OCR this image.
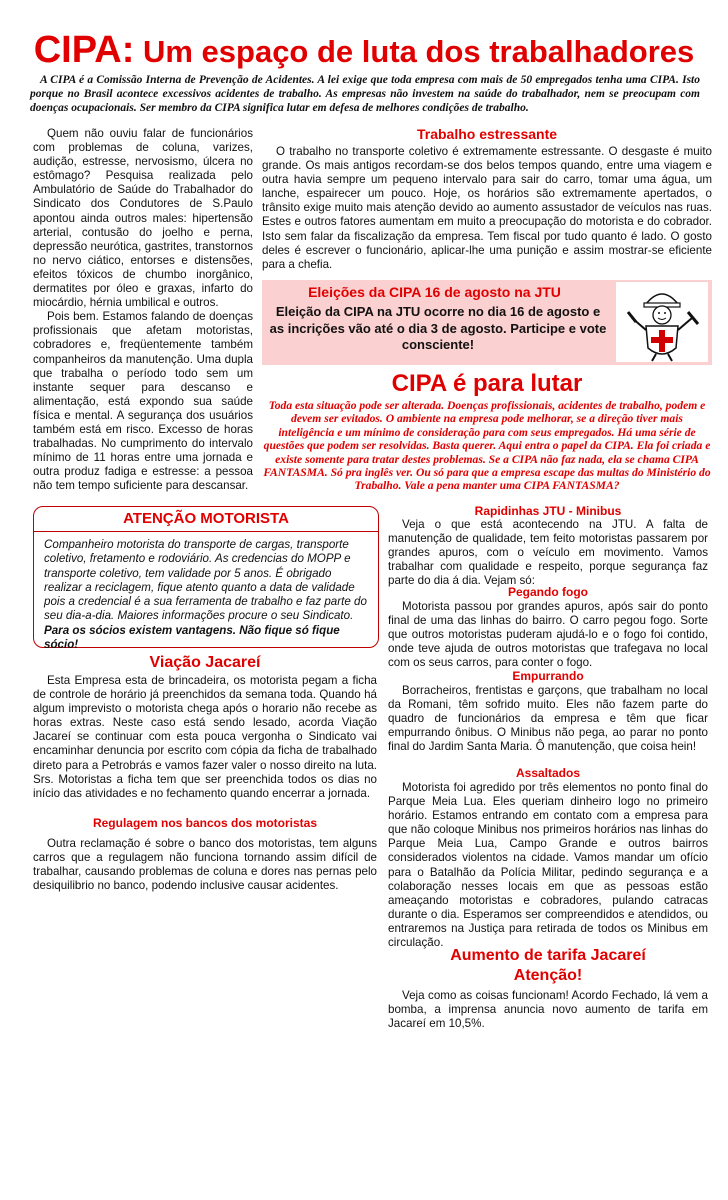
CIPA: Um espaço de luta dos trabalhadores
A CIPA é a Comissão Interna de Prevenção de Acidentes. A lei exige que toda empresa com mais de 50 empregados tenha uma CIPA. Isto porque no Brasil acontece excessivos acidentes de trabalho. As empresas não investem na saúde do trabalhador, nem se preocupam com doenças ocupacionais. Ser membro da CIPA significa lutar em defesa de melhores condições de trabalho.

Quem não ouviu falar de funcionários com problemas de coluna, varizes, audição, estresse, nervosismo, úlcera no estômago? Pesquisa realizada pelo Ambulatório de Saúde do Trabalhador do Sindicato dos Condutores de S.Paulo apontou ainda outros males: hipertensão arterial, contusão do joelho e perna, depressão neurótica, gastrites, transtornos no nervo ciático, entorses e distensões, efeitos tóxicos de chumbo inorgânico, dermatites por óleo e graxas, infarto do miocárdio, hérnia umbilical e outros.

Pois bem. Estamos falando de doenças profissionais que afetam motoristas, cobradores e, freqüentemente também companheiros da manutenção. Uma dupla que trabalha o período todo sem um instante sequer para descanso e alimentação, está expondo sua saúde física e mental. A segurança dos usuários também está em risco. Excesso de horas trabalhadas. No cumprimento do intervalo mínimo de 11 horas entre uma jornada e outra produz fadiga e estresse: a pessoa não tem tempo suficiente para descansar.

Trabalho estressante

O trabalho no transporte coletivo é extremamente estressante. O desgaste é muito grande. Os mais antigos recordam-se dos belos tempos quando, entre uma viagem e outra havia sempre um pequeno intervalo para sair do carro, tomar uma água, um lanche, espairecer um pouco. Hoje, os horários são extremamente apertados, o trânsito exige muito mais atenção devido ao aumento assustador de veículos nas ruas. Estes e outros fatores aumentam em muito a preocupação do motorista e do cobrador. Isto sem falar da fiscalização da empresa. Tem fiscal por tudo quanto é lado. O gosto deles é escrever o funcionário, aplicar-lhe uma punição e assim mostrar-se eficiente para a chefia.

Eleições da CIPA 16 de agosto na JTU
Eleição da CIPA na JTU ocorre no dia 16 de agosto e as incrições vão até o dia 3 de agosto. Participe e vote consciente!
CIPA é para lutar
Toda esta situação pode ser alterada. Doenças profissionais, acidentes de trabalho, podem e devem ser evitados. O ambiente na empresa pode melhorar, se a direção tiver mais inteligência e um mínimo de consideração para com seus empregados. Há uma série de questões que podem ser resolvidas. Basta querer. Aqui entra o papel da CIPA. Ela foi criada e existe somente para tratar destes problemas. Se a CIPA não faz nada, ela se chama CIPA FANTASMA. Só pra inglês ver. Ou só para que a empresa escape das multas do Ministério do Trabalho. Vale a pena manter uma CIPA FANTASMA?
ATENÇÃO MOTORISTA
Companheiro motorista do transporte de cargas, transporte coletivo, fretamento e rodoviário. As credencias do MOPP e transporte coletivo, tem validade por 5 anos. É obrigado realizar a reciclagem, fique atento quanto a data de validade pois a credencial é a sua ferramenta de trabalho e faz parte do seu dia-a-dia. Maiores informações procure o seu Sindicato.
Para os sócios existem vantagens. Não fique só fique sócio!
Viação Jacareí

Esta Empresa esta de brincadeira, os motorista pegam a ficha de controle de horário já preenchidos da semana toda. Quando há algum imprevisto o motorista chega após o horario não recebe as horas extras. Neste caso está sendo lesado, acorda Viação Jacareí se continuar com esta pouca vergonha o Sindicato vai encaminhar denuncia por escrito com cópia da ficha de trabalhado direto para a Petrobrás e vamos fazer valer o nosso direito na luta. Srs. Motoristas a ficha tem que ser preenchida todos os dias no início das atividades e no fechamento quando encerrar a jornada.

Regulagem nos bancos dos motoristas

Outra reclamação é sobre o banco dos motoristas, tem alguns carros que a regulagem não funciona tornando assim difícil de trabalhar, causando problemas de coluna e dores nas pernas pelo desiquilibrio no banco, podendo inclusive causar acidentes.

Rapidinhas JTU - Minibus

Veja o que está acontecendo na JTU. A falta de manutenção de qualidade, tem feito motoristas passarem por grandes apuros, com o veículo em movimento. Vamos trabalhar com qualidade e respeito, porque segurança faz parte do dia á dia. Vejam só:

Pegando fogo

Motorista passou por grandes apuros, após sair do ponto final de uma das linhas do bairro. O carro pegou fogo. Sorte que outros motoristas puderam ajudá-lo e o fogo foi contido, onde teve ajuda de outros motoristas que trafegava no local com os seus carros, para conter o fogo.

Empurrando

Borracheiros, frentistas e garçons, que trabalham no local da Romani, têm sofrido muito. Eles não fazem parte do quadro de funcionários da empresa e têm que ficar empurrando ônibus. O Minibus não pega, ao parar no ponto final do Jardim Santa Maria. Ô manutenção, que coisa hein!

Assaltados

Motorista foi agredido por três elementos no ponto final do Parque Meia Lua. Eles queriam dinheiro logo no primeiro horário. Estamos entrando em contato com a empresa para que não coloque Minibus nos primeiros horários nas linhas do Parque Meia Lua, Campo Grande e outros bairros considerados violentos na cidade. Vamos mandar um ofício para o Batalhão da Polícia Militar, pedindo segurança e a colaboração nesses locais em que as pessoas estão ameaçando motoristas e cobradores, pulando catracas durante o dia. Esperamos ser compreendidos e atendidos, ou entraremos na Justiça para retirada de todos os Minibus em circulação.

Aumento de tarifa Jacareí
Atenção!

Veja como as coisas funcionam! Acordo Fechado, lá vem a bomba, a imprensa anuncia novo aumento de tarifa em Jacareí em 10,5%.
